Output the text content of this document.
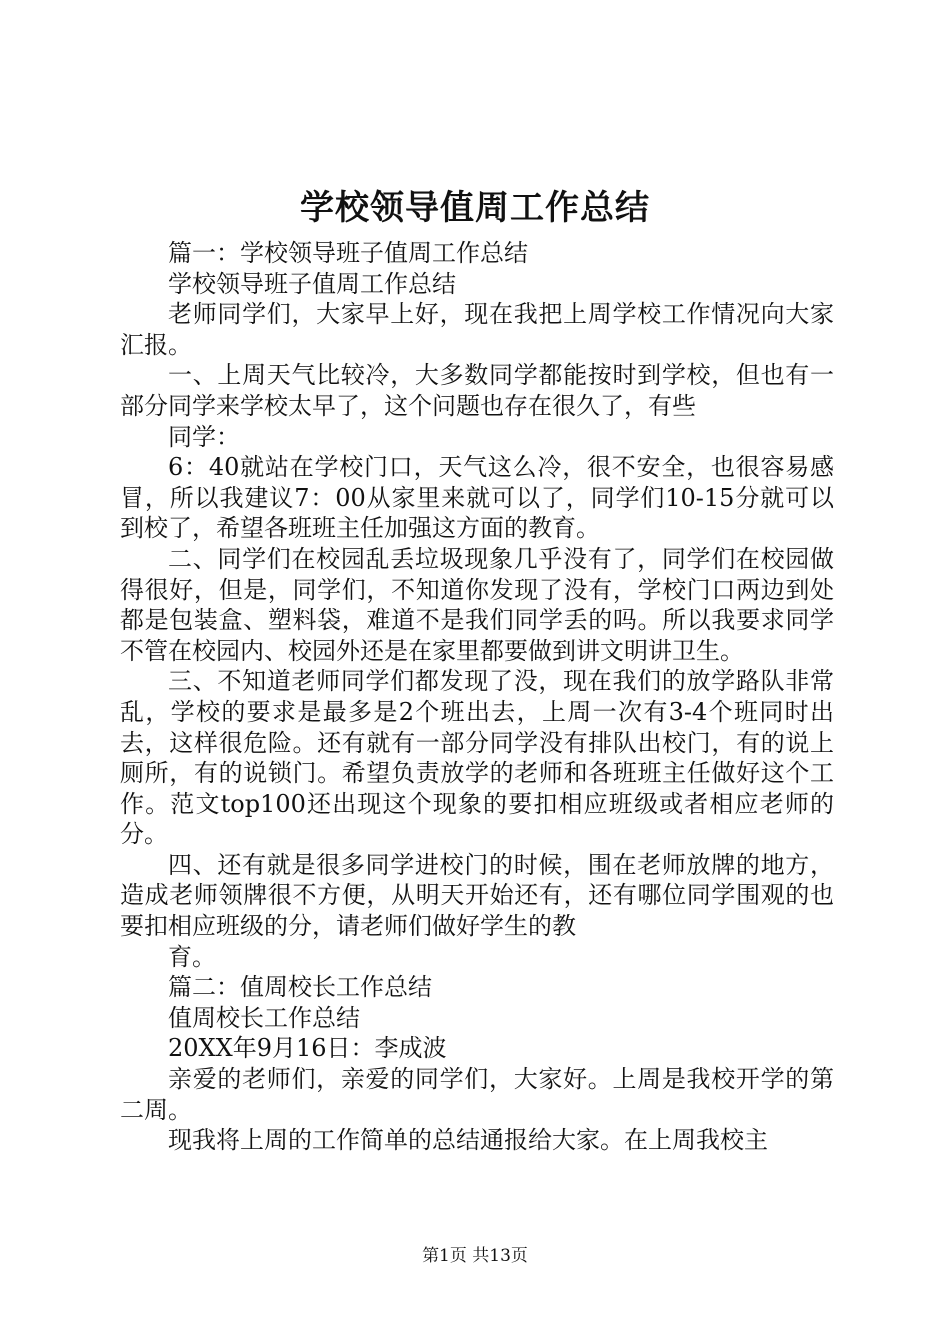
学校领导值周工作总结

篇一：学校领导班子值周工作总结

学校领导班子值周工作总结

老师同学们，大家早上好，现在我把上周学校工作情况向大家汇报。

一、上周天气比较冷，大多数同学都能按时到学校，但也有一部分同学来学校太早了，这个问题也存在很久了，有些

同学：

6：40就站在学校门口，天气这么冷，很不安全，也很容易感冒，所以我建议7：00从家里来就可以了，同学们10-15分就可以到校了，希望各班班主任加强这方面的教育。

二、同学们在校园乱丢垃圾现象几乎没有了，同学们在校园做得很好，但是，同学们，不知道你发现了没有，学校门口两边到处都是包装盒、塑料袋，难道不是我们同学丢的吗。所以我要求同学不管在校园内、校园外还是在家里都要做到讲文明讲卫生。

三、不知道老师同学们都发现了没，现在我们的放学路队非常乱，学校的要求是最多是2个班出去，上周一次有3-4个班同时出去，这样很危险。还有就有一部分同学没有排队出校门，有的说上厕所，有的说锁门。希望负责放学的老师和各班班主任做好这个工作。范文top100还出现这个现象的要扣相应班级或者相应老师的分。

四、还有就是很多同学进校门的时候，围在老师放牌的地方，造成老师领牌很不方便，从明天开始还有，还有哪位同学围观的也要扣相应班级的分，请老师们做好学生的教

育。

篇二：值周校长工作总结

值周校长工作总结

20XX年9月16日：李成波

亲爱的老师们，亲爱的同学们，大家好。上周是我校开学的第二周。

现我将上周的工作简单的总结通报给大家。在上周我校主

第1页 共13页
